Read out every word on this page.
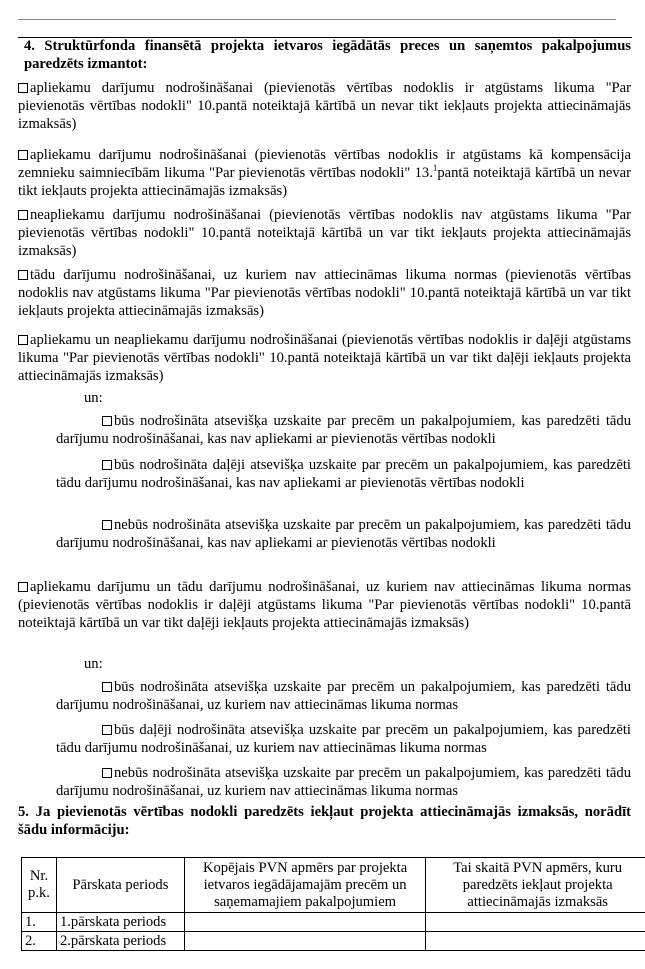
4. Struktūrfonda finansētā projekta ietvaros iegādātās preces un saņemtos pakalpojumus paredzēts izmantot:
apliekamu darījumu nodrošināšanai (pievienotās vērtības nodoklis ir atgūstams likuma "Par pievienotās vērtības nodokli" 10.pantā noteiktajā kārtībā un nevar tikt iekļauts projekta attiecināmajās izmaksās)
apliekamu darījumu nodrošināšanai (pievienotās vērtības nodoklis ir atgūstams kā kompensācija zemnieku saimniecībām likuma "Par pievienotās vērtības nodokli" 13.$^1$pantā noteiktajā kārtībā un nevar tikt iekļauts projekta attiecināmajās izmaksās)
neapliekamu darījumu nodrošināšanai (pievienotās vērtības nodoklis nav atgūstams likuma "Par pievienotās vērtības nodokli" 10.pantā noteiktajā kārtībā un var tikt iekļauts projekta attiecināmajās izmaksās)
tādu darījumu nodrošināšanai, uz kuriem nav attiecināmas likuma normas (pievienotās vērtības nodoklis nav atgūstams likuma "Par pievienotās vērtības nodokli" 10.pantā noteiktajā kārtībā un var tikt iekļauts projekta attiecināmajās izmaksās)
apliekamu un neapliekamu darījumu nodrošināšanai (pievienotās vērtības nodoklis ir daļēji atgūstams likuma "Par pievienotās vērtības nodokli" 10.pantā noteiktajā kārtībā un var tikt daļēji iekļauts projekta attiecināmajās izmaksās)
un:
būs nodrošināta atsevišķa uzskaite par precēm un pakalpojumiem, kas paredzēti tādu darījumu nodrošināšanai, kas nav apliekami ar pievienotās vērtības nodokli
būs nodrošināta daļēji atsevišķa uzskaite par precēm un pakalpojumiem, kas paredzēti tādu darījumu nodrošināšanai, kas nav apliekami ar pievienotās vērtības nodokli
nebūs nodrošināta atsevišķa uzskaite par precēm un pakalpojumiem, kas paredzēti tādu darījumu nodrošināšanai, kas nav apliekami ar pievienotās vērtības nodokli
apliekamu darījumu un tādu darījumu nodrošināšanai, uz kuriem nav attiecināmas likuma normas (pievienotās vērtības nodoklis ir daļēji atgūstams likuma "Par pievienotās vērtības nodokli" 10.pantā noteiktajā kārtībā un var tikt daļēji iekļauts projekta attiecināmajās izmaksās)
un:
būs nodrošināta atsevišķa uzskaite par precēm un pakalpojumiem, kas paredzēti tādu darījumu nodrošināšanai, uz kuriem nav attiecināmas likuma normas
būs daļēji nodrošināta atsevišķa uzskaite par precēm un pakalpojumiem, kas paredzēti tādu darījumu nodrošināšanai, uz kuriem nav attiecināmas likuma normas
nebūs nodrošināta atsevišķa uzskaite par precēm un pakalpojumiem, kas paredzēti tādu darījumu nodrošināšanai, uz kuriem nav attiecināmas likuma normas
5. Ja pievienotās vērtības nodokli paredzēts iekļaut projekta attiecināmajās izmaksās, norādīt šādu informāciju:
Nr. p.k.	Pārskata periods	Kopējais PVN apmērs par projekta ietvaros iegādājamajām precēm un saņemamajiem pakalpojumiem	Tai skaitā PVN apmērs, kuru paredzēts iekļaut projekta attiecināmajās izmaksās
1.	1.pārskata periods		
2.	2.pārskata periods		
